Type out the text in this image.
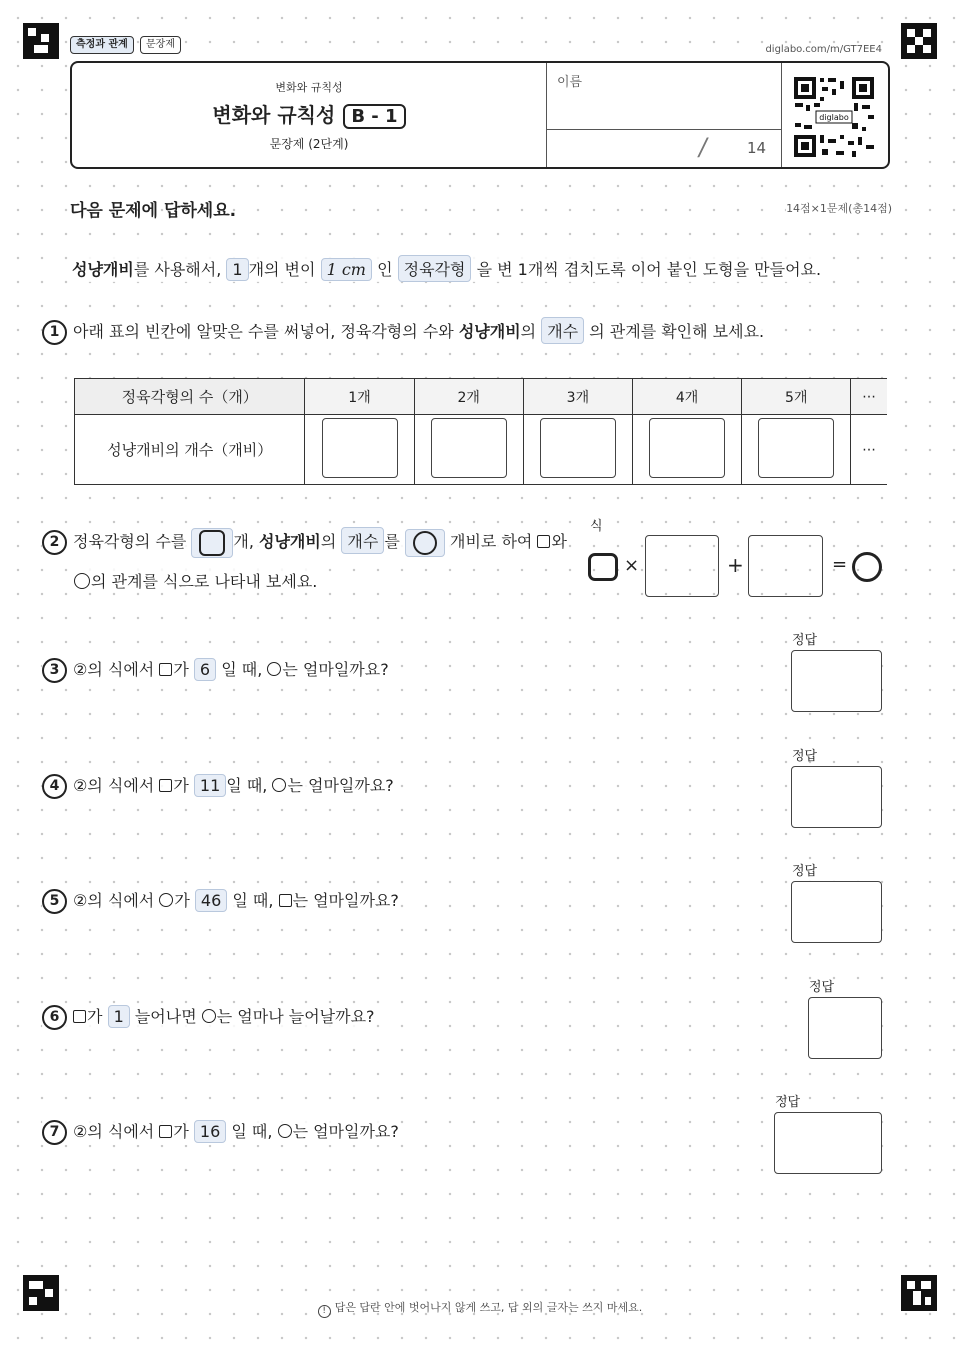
측정과 관계	문장제	diglabo.com/m/GT7EE4
변화와 규칙성
변화와 규칙성 B - 1
문장제 (2단계)
이름
/ 14
diglabo
다음 문제에 답하세요.	14점×1문제(총14점)
성냥개비를 사용해서, 1 개의 변이 1 cm 인 정육각형 을 변 1개씩 겹치도록 이어 붙인 도형을 만들어요.
1 아래 표의 빈칸에 알맞은 수를 써넣어, 정육각형의 수와 성냥개비의 개수 의 관계를 확인해 보세요.
정육각형의 수（개）	1개	2개	3개	4개	5개	⋯
성냥개비의 개수（개비）						⋯
2 정육각형의 수를	개, 성냥개비의 개수 를	개비로 하여 와
의 관계를 식으로 나타내 보세요.
식
×	+	=
3 ②의 식에서 가 6 일 때, 는 얼마일까요?
정답
4 ②의 식에서 가 11 일 때, 는 얼마일까요?
정답
5 ②의 식에서 가 46 일 때, 는 얼마일까요?
정답
6 가 1 늘어나면 는 얼마나 늘어날까요?
정답
7 ②의 식에서 가 16 일 때, 는 얼마일까요?
정답
! 답은 답란 안에 벗어나지 않게 쓰고, 답 외의 글자는 쓰지 마세요.
